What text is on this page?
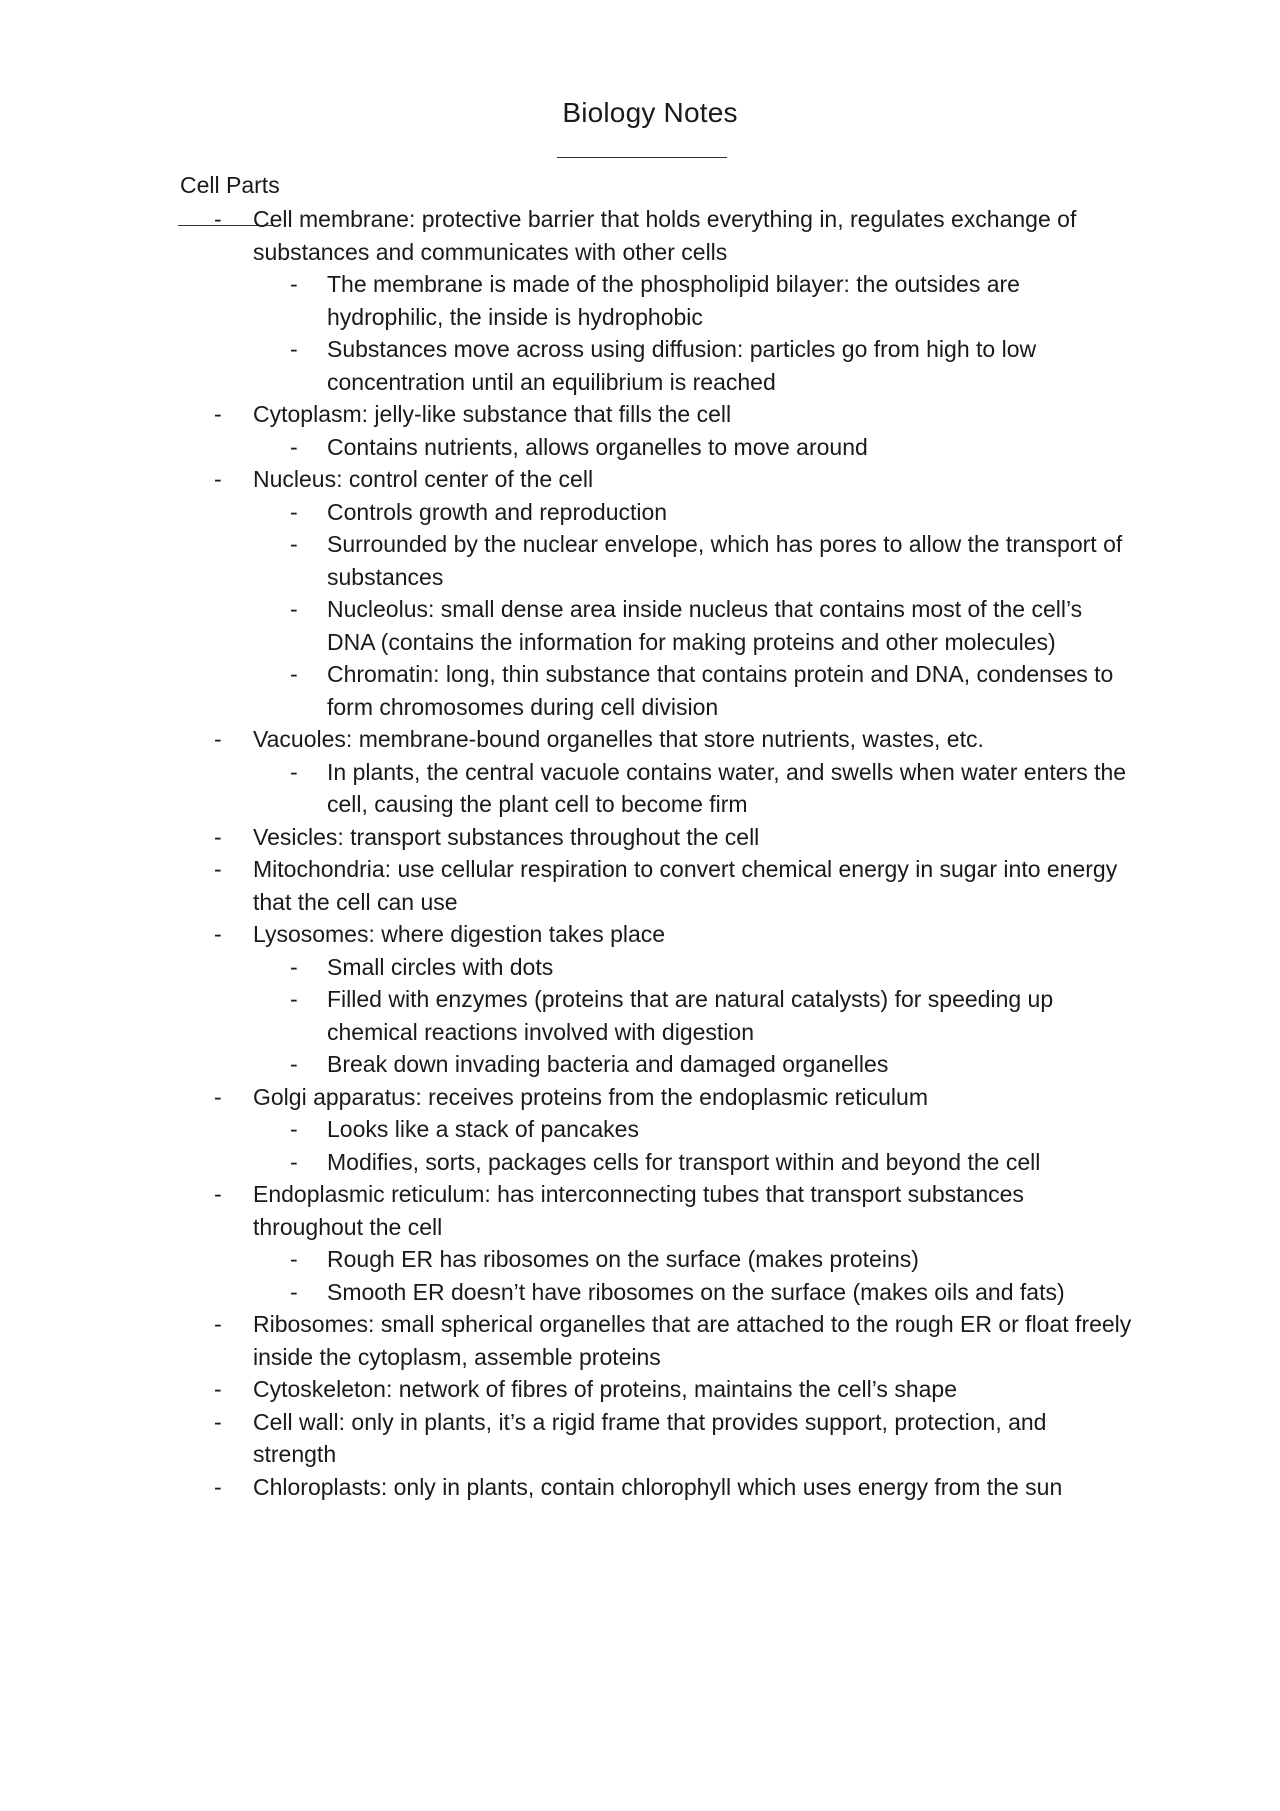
Biology Notes
Cell Parts
- Cell membrane: protective barrier that holds everything in, regulates exchange of substances and communicates with other cells
- The membrane is made of the phospholipid bilayer: the outsides are hydrophilic, the inside is hydrophobic
- Substances move across using diffusion: particles go from high to low concentration until an equilibrium is reached
- Cytoplasm: jelly-like substance that fills the cell
- Contains nutrients, allows organelles to move around
- Nucleus: control center of the cell
- Controls growth and reproduction
- Surrounded by the nuclear envelope, which has pores to allow the transport of substances
- Nucleolus: small dense area inside nucleus that contains most of the cell’s DNA (contains the information for making proteins and other molecules)
- Chromatin: long, thin substance that contains protein and DNA, condenses to form chromosomes during cell division
- Vacuoles: membrane-bound organelles that store nutrients, wastes, etc.
- In plants, the central vacuole contains water, and swells when water enters the cell, causing the plant cell to become firm
- Vesicles: transport substances throughout the cell
- Mitochondria: use cellular respiration to convert chemical energy in sugar into energy that the cell can use
- Lysosomes: where digestion takes place
- Small circles with dots
- Filled with enzymes (proteins that are natural catalysts) for speeding up chemical reactions involved with digestion
- Break down invading bacteria and damaged organelles
- Golgi apparatus: receives proteins from the endoplasmic reticulum
- Looks like a stack of pancakes
- Modifies, sorts, packages cells for transport within and beyond the cell
- Endoplasmic reticulum: has interconnecting tubes that transport substances throughout the cell
- Rough ER has ribosomes on the surface (makes proteins)
- Smooth ER doesn’t have ribosomes on the surface (makes oils and fats)
- Ribosomes: small spherical organelles that are attached to the rough ER or float freely inside the cytoplasm, assemble proteins
- Cytoskeleton: network of fibres of proteins, maintains the cell’s shape
- Cell wall: only in plants, it’s a rigid frame that provides support, protection, and strength
- Chloroplasts: only in plants, contain chlorophyll which uses energy from the sun
